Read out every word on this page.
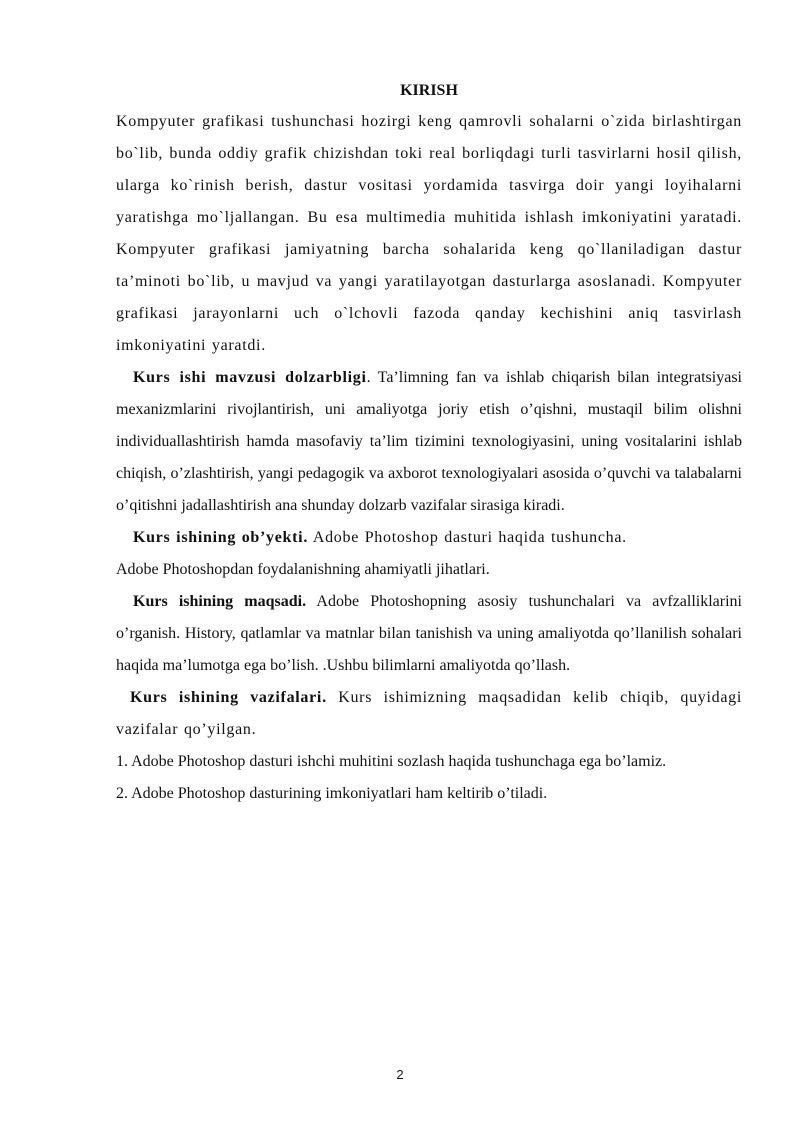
KIRISH

Kompyuter grafikasi tushunchasi hozirgi keng qamrovli sohalarni o`zida birlashtirgan bo`lib, bunda oddiy grafik chizishdan toki real borliqdagi turli tasvirlarni hosil qilish, ularga ko`rinish berish, dastur vositasi yordamida tasvirga doir yangi loyihalarni yaratishga mo`ljallangan. Bu esa multimedia muhitida ishlash imkoniyatini yaratadi. Kompyuter grafikasi jamiyatning barcha sohalarida keng qo`llaniladigan dastur ta’minoti bo`lib, u mavjud va yangi yaratilayotgan dasturlarga asoslanadi. Kompyuter grafikasi jarayonlarni uch o`lchovli fazoda qanday kechishini aniq tasvirlash imkoniyatini yaratdi.

Kurs ishi mavzusi dolzarbligi. Ta’limning fan va ishlab chiqarish bilan integratsiyasi mexanizmlarini rivojlantirish, uni amaliyotga joriy etish o’qishni, mustaqil bilim olishni individuallashtirish hamda masofaviy ta’lim tizimini texnologiyasini, uning vositalarini ishlab chiqish, o’zlashtirish, yangi pedagogik va axborot texnologiyalari asosida o’quvchi va talabalarni o’qitishni jadallashtirish ana shunday dolzarb vazifalar sirasiga kiradi.

Kurs ishining ob’yekti. Adobe Photoshop dasturi haqida tushuncha.

Adobe Photoshopdan foydalanishning ahamiyatli jihatlari.

Kurs ishining maqsadi. Adobe Photoshopning asosiy tushunchalari va avfzalliklarini o’rganish. History, qatlamlar va matnlar bilan tanishish va uning amaliyotda qo’llanilish sohalari haqida ma’lumotga ega bo’lish. .Ushbu bilimlarni amaliyotda qo’llash.

Kurs ishining vazifalari. Kurs ishimizning maqsadidan kelib chiqib, quyidagi vazifalar qo’yilgan.

1. Adobe Photoshop dasturi ishchi muhitini sozlash haqida tushunchaga ega bo’lamiz.

2. Adobe Photoshop dasturining imkoniyatlari ham keltirib o’tiladi.

2
